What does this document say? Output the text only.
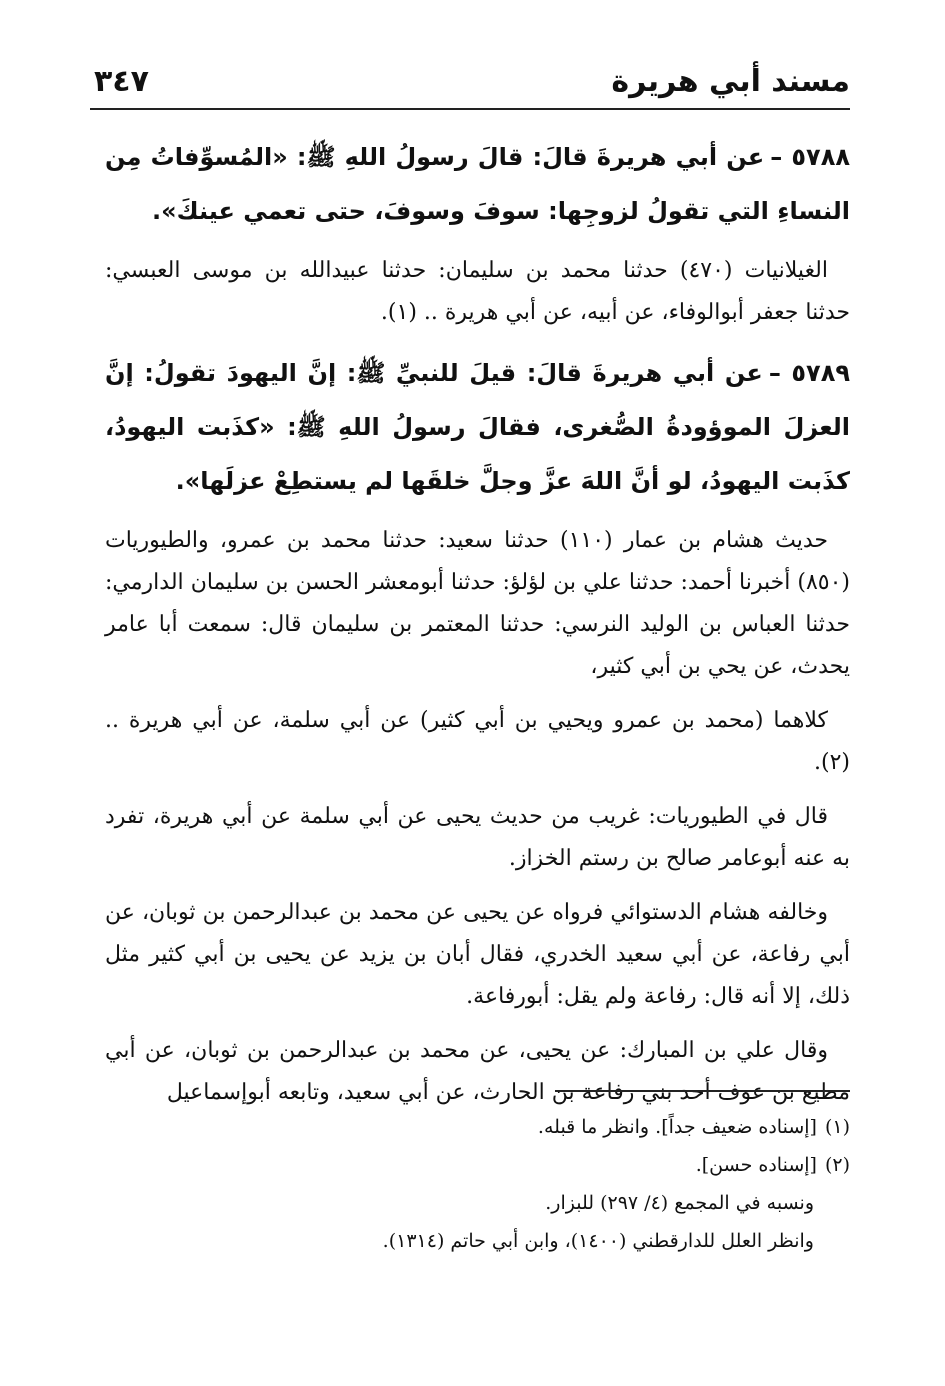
مسند أبي هريرة
٣٤٧

٥٧٨٨ –عن أبي هريرةَ قالَ: قالَ رسولُ اللهِ ﷺ: «المُسوِّفاتُ مِن النساءِ التي تقولُ لزوجِها: سوفَ وسوفَ، حتى تعمي عينكَ».

الغيلانيات (٤٧٠) حدثنا محمد بن سليمان: حدثنا عبيدالله بن موسى العبسي: حدثنا جعفر أبوالوفاء، عن أبيه، عن أبي هريرة .. (١).

٥٧٨٩ –عن أبي هريرةَ قالَ: قيلَ للنبيِّ ﷺ: إنَّ اليهودَ تقولُ: إنَّ العزلَ الموؤودةُ الصُّغرى، فقالَ رسولُ اللهِ ﷺ: «كذَبت اليهودُ، كذَبت اليهودُ، لو أنَّ اللهَ عزَّ وجلَّ خلقَها لم يستطِعْ عزلَها».

حديث هشام بن عمار (١١٠) حدثنا سعيد: حدثنا محمد بن عمرو، والطيوريات (٨٥٠) أخبرنا أحمد: حدثنا علي بن لؤلؤ: حدثنا أبومعشر الحسن بن سليمان الدارمي: حدثنا العباس بن الوليد النرسي: حدثنا المعتمر بن سليمان قال: سمعت أبا عامر يحدث، عن يحي بن أبي كثير،

كلاهما (محمد بن عمرو ويحيي بن أبي كثير) عن أبي سلمة، عن أبي هريرة .. (٢).

قال في الطيوريات: غريب من حديث يحيى عن أبي سلمة عن أبي هريرة، تفرد به عنه أبوعامر صالح بن رستم الخزاز.

وخالفه هشام الدستوائي فرواه عن يحيى عن محمد بن عبدالرحمن بن ثوبان، عن أبي رفاعة، عن أبي سعيد الخدري، فقال أبان بن يزيد عن يحيى بن أبي كثير مثل ذلك، إلا أنه قال: رفاعة ولم يقل: أبورفاعة.

وقال علي بن المبارك: عن يحيى، عن محمد بن عبدالرحمن بن ثوبان، عن أبي مطيع بن عوف أحد بني رفاعة بن الحارث، عن أبي سعيد، وتابعه أبوإسماعيل

(١)[إسناده ضعيف جداً]. وانظر ما قبله.

(٢)[إسناده حسن].

ونسبه في المجمع (٤/ ٢٩٧) للبزار.

وانظر العلل للدارقطني (١٤٠٠)، وابن أبي حاتم (١٣١٤).
